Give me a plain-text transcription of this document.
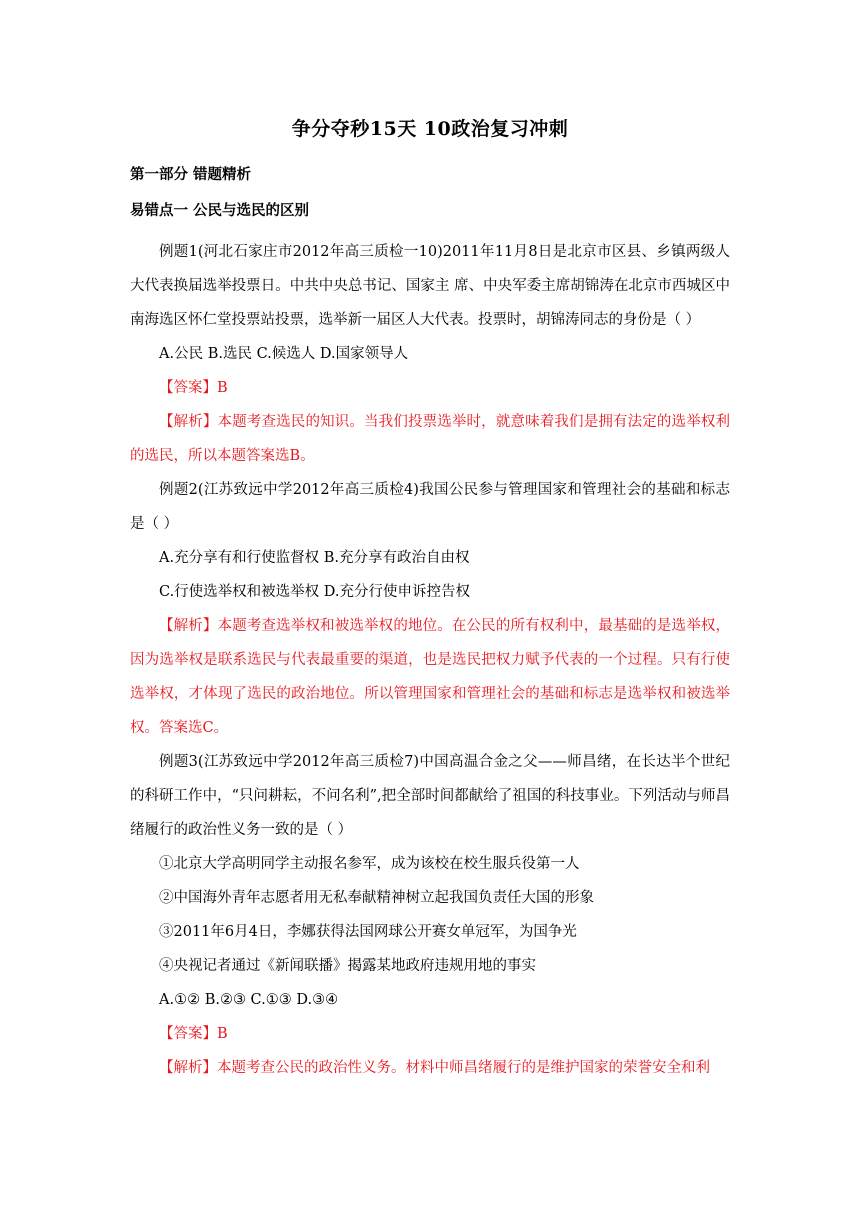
争分夺秒15天 10政治复习冲刺

第一部分 错题精析

易错点一 公民与选民的区别

例题1(河北石家庄市2012年高三质检一10)2011年11月8日是北京市区县、乡镇两级人大代表换届选举投票日。中共中央总书记、国家主 席、中央军委主席胡锦涛在北京市西城区中南海选区怀仁堂投票站投票，选举新一届区人大代表。投票时，胡锦涛同志的身份是（ ）

A.公民 B.选民 C.候选人 D.国家领导人

【答案】B

【解析】本题考查选民的知识。当我们投票选举时，就意味着我们是拥有法定的选举权利的选民，所以本题答案选B。

例题2(江苏致远中学2012年高三质检4)我国公民参与管理国家和管理社会的基础和标志是（ ）

A.充分享有和行使监督权 B.充分享有政治自由权

C.行使选举权和被选举权 D.充分行使申诉控告权

【解析】本题考查选举权和被选举权的地位。在公民的所有权利中，最基础的是选举权，因为选举权是联系选民与代表最重要的渠道，也是选民把权力赋予代表的一个过程。只有行使选举权，才体现了选民的政治地位。所以管理国家和管理社会的基础和标志是选举权和被选举权。答案选C。

例题3(江苏致远中学2012年高三质检7)中国高温合金之父——师昌绪，在长达半个世纪的科研工作中，“只问耕耘，不问名利”,把全部时间都献给了祖国的科技事业。下列活动与师昌绪履行的政治性义务一致的是（ ）

①北京大学高明同学主动报名参军，成为该校在校生服兵役第一人

②中国海外青年志愿者用无私奉献精神树立起我国负责任大国的形象

③2011年6月4日，李娜获得法国网球公开赛女单冠军，为国争光

④央视记者通过《新闻联播》揭露某地政府违规用地的事实

A.①② B.②③ C.①③ D.③④

【答案】B

【解析】本题考查公民的政治性义务。材料中师昌绪履行的是维护国家的荣誉安全和利
